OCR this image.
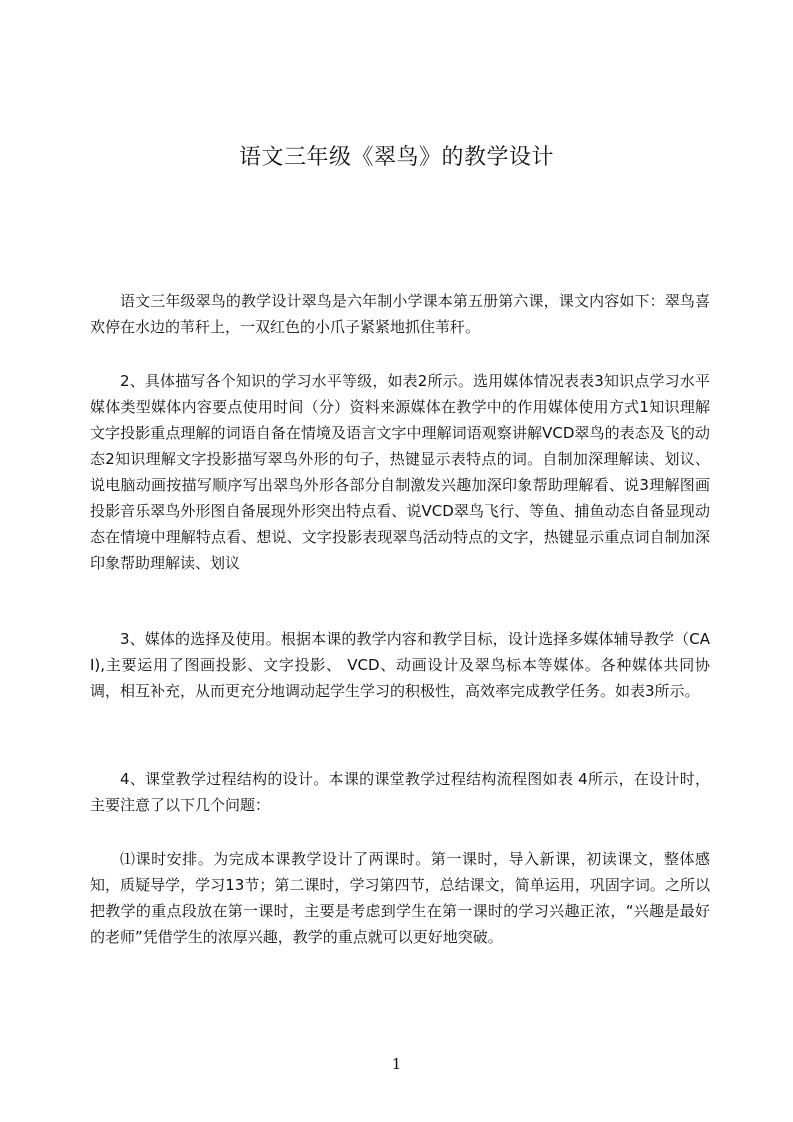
语文三年级《翠鸟》的教学设计

语文三年级翠鸟的教学设计翠鸟是六年制小学课本第五册第六课，课文内容如下：翠鸟喜欢停在水边的苇秆上，一双红色的小爪子紧紧地抓住苇秆。

2、具体描写各个知识的学习水平等级，如表2所示。选用媒体情况表表3知识点学习水平媒体类型媒体内容要点使用时间（分）资料来源媒体在教学中的作用媒体使用方式1知识理解文字投影重点理解的词语自备在情境及语言文字中理解词语观察讲解VCD翠鸟的表态及飞的动态2知识理解文字投影描写翠鸟外形的句子，热键显示表特点的词。自制加深理解读、划议、说电脑动画按描写顺序写出翠鸟外形各部分自制激发兴趣加深印象帮助理解看、说3理解图画投影音乐翠鸟外形图自备展现外形突出特点看、说VCD翠鸟飞行、等鱼、捕鱼动态自备显现动态在情境中理解特点看、想说、文字投影表现翠鸟活动特点的文字，热键显示重点词自制加深印象帮助理解读、划议

3、媒体的选择及使用。根据本课的教学内容和教学目标，设计选择多媒体辅导教学（CAI),主要运用了图画投影、文字投影、 VCD、动画设计及翠鸟标本等媒体。各种媒体共同协调，相互补充，从而更充分地调动起学生学习的积极性，高效率完成教学任务。如表3所示。

4、课堂教学过程结构的设计。本课的课堂教学过程结构流程图如表 4所示，在设计时，主要注意了以下几个问题：

⑴课时安排。为完成本课教学设计了两课时。第一课时，导入新课，初读课文，整体感知，质疑导学，学习13节；第二课时，学习第四节，总结课文，简单运用，巩固字词。之所以把教学的重点段放在第一课时，主要是考虑到学生在第一课时的学习兴趣正浓，“兴趣是最好的老师”凭借学生的浓厚兴趣，教学的重点就可以更好地突破。

1
